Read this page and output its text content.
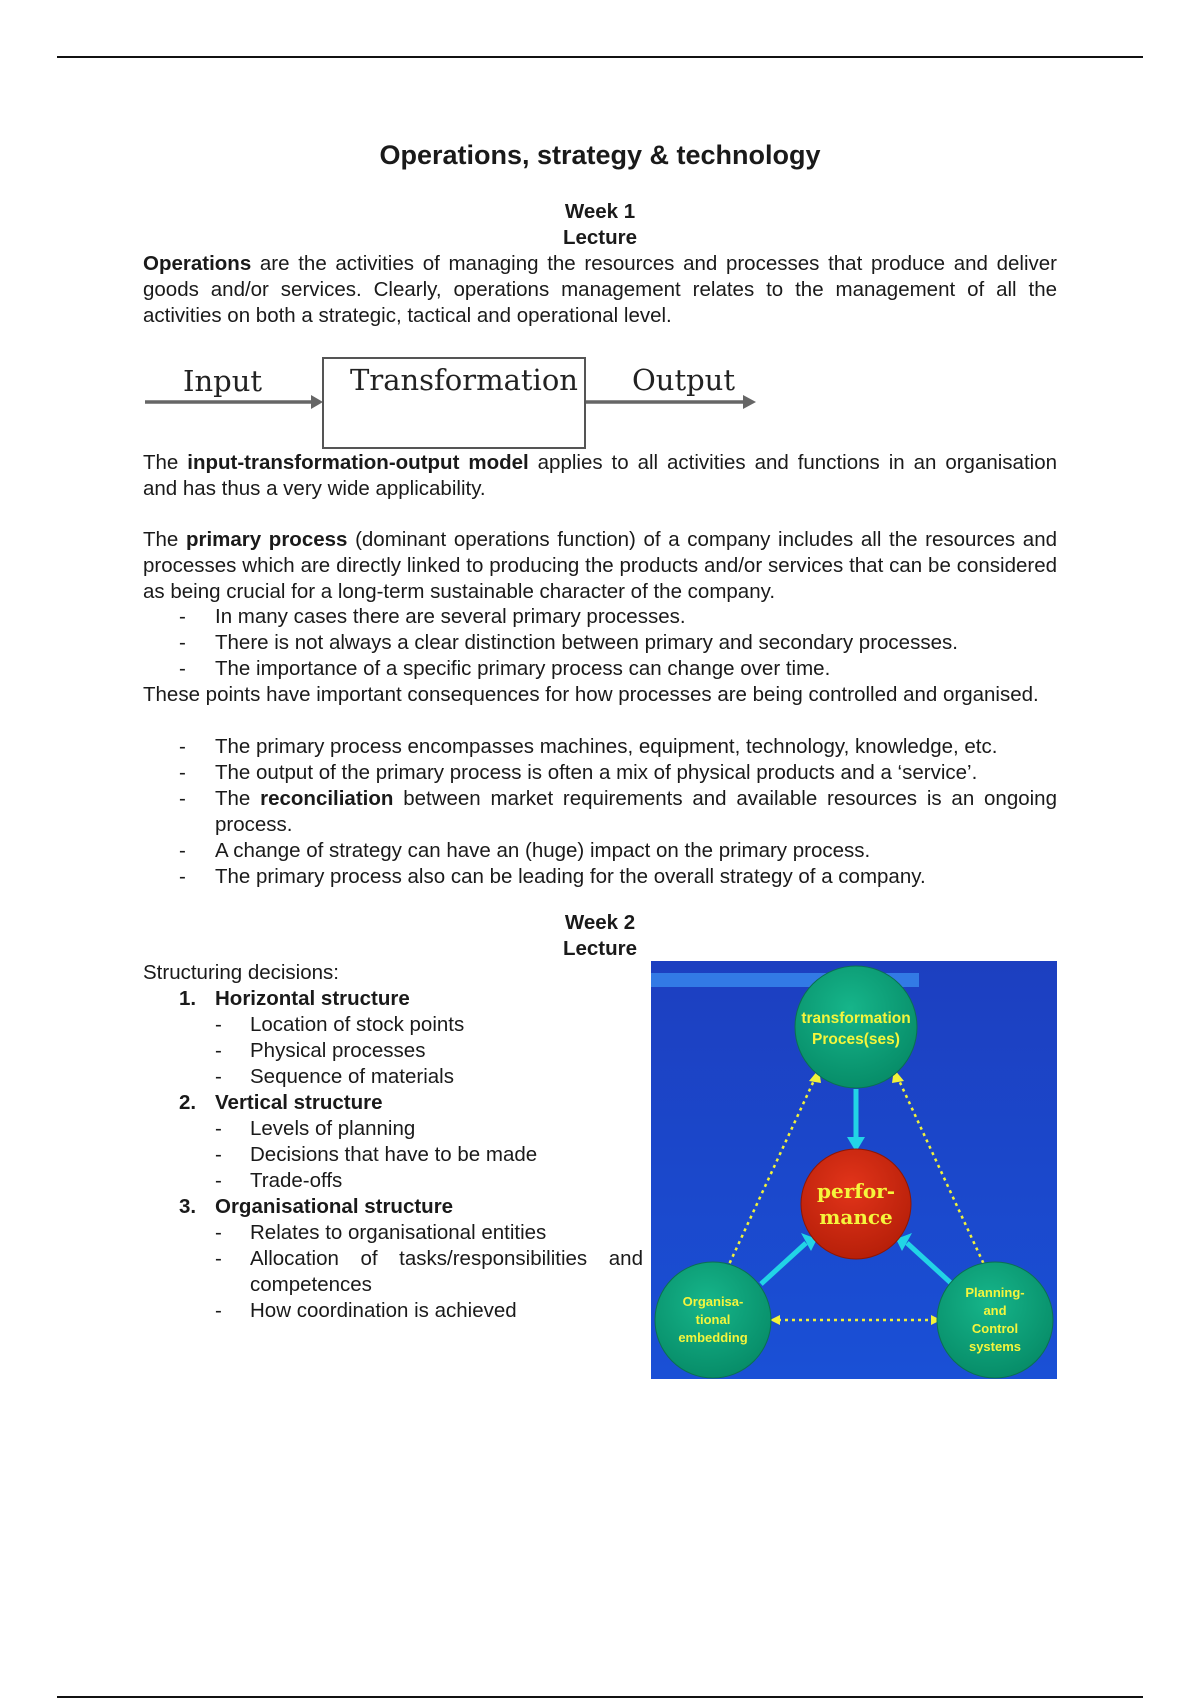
Operations, strategy & technology
Week 1
Lecture
Operations are the activities of managing the resources and processes that produce and deliver goods and/or services. Clearly, operations management relates to the management of all the activities on both a strategic, tactical and operational level.
The input-transformation-output model applies to all activities and functions in an organisation and has thus a very wide applicability.
The primary process (dominant operations function) of a company includes all the resources and processes which are directly linked to producing the products and/or services that can be considered as being crucial for a long-term sustainable character of the company.
- In many cases there are several primary processes.
- There is not always a clear distinction between primary and secondary processes.
- The importance of a specific primary process can change over time.
These points have important consequences for how processes are being controlled and organised.
- The primary process encompasses machines, equipment, technology, knowledge, etc.
- The output of the primary process is often a mix of physical products and a ‘service’.
- The reconciliation between market requirements and available resources is an ongoing process.
- A change of strategy can have an (huge) impact on the primary process.
- The primary process also can be leading for the overall strategy of a company.
Week 2
Lecture
Structuring decisions:
1. Horizontal structure
- Location of stock points
- Physical processes
- Sequence of materials
2. Vertical structure
- Levels of planning
- Decisions that have to be made
- Trade-offs
3. Organisational structure
- Relates to organisational entities
- Allocation of tasks/responsibilities and competences
- How coordination is achieved
Input	Transformation Output
transformation
Proces(ses)
Organisa-
tional
embedding
Planning-
and
Control
systems
perfor-
mance
